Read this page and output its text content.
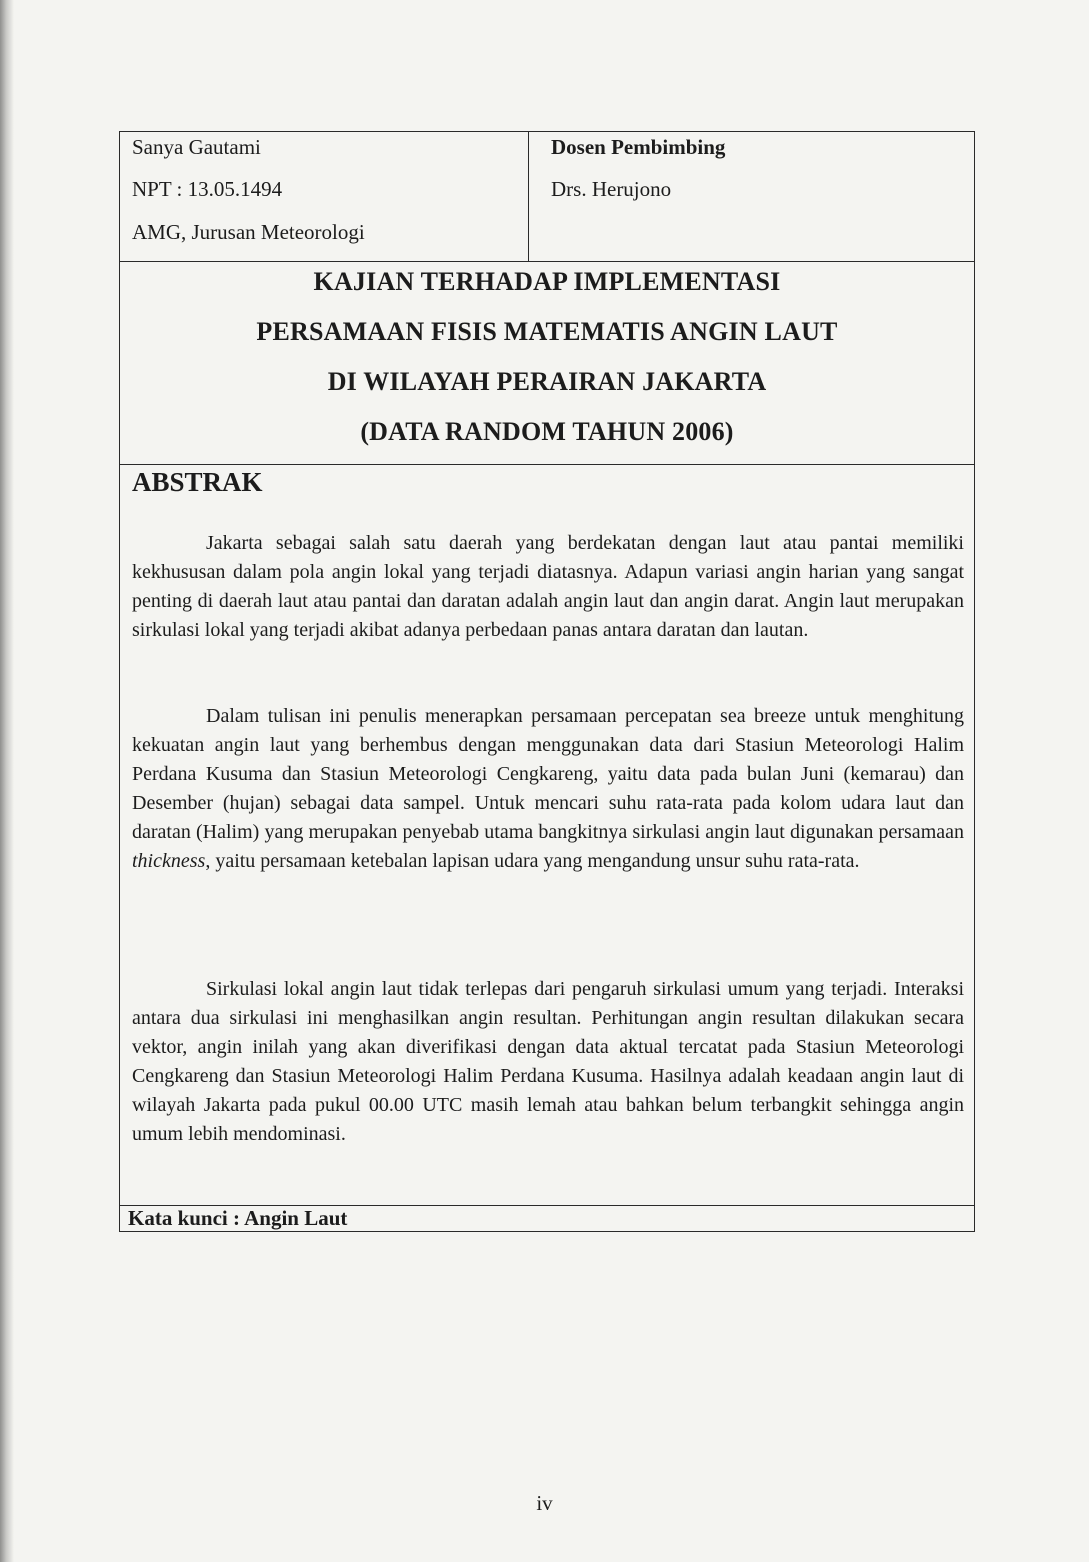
Sanya Gautami
NPT : 13.05.1494
AMG, Jurusan Meteorologi
Dosen Pembimbing
Drs. Herujono
KAJIAN TERHADAP IMPLEMENTASI
PERSAMAAN FISIS MATEMATIS ANGIN LAUT
DI WILAYAH PERAIRAN JAKARTA
(DATA RANDOM TAHUN 2006)
ABSTRAK

Jakarta sebagai salah satu daerah yang berdekatan dengan laut atau pantai memiliki kekhususan dalam pola angin lokal yang terjadi diatasnya. Adapun variasi angin harian yang sangat penting di daerah laut atau pantai dan daratan adalah angin laut dan angin darat. Angin laut merupakan sirkulasi lokal yang terjadi akibat adanya perbedaan panas antara daratan dan lautan.

Dalam tulisan ini penulis menerapkan persamaan percepatan sea breeze untuk menghitung kekuatan angin laut yang berhembus dengan menggunakan data dari Stasiun Meteorologi Halim Perdana Kusuma dan Stasiun Meteorologi Cengkareng, yaitu data pada bulan Juni (kemarau) dan Desember (hujan) sebagai data sampel. Untuk mencari suhu rata-rata pada kolom udara laut dan daratan (Halim) yang merupakan penyebab utama bangkitnya sirkulasi angin laut digunakan persamaan thickness, yaitu persamaan ketebalan lapisan udara yang mengandung unsur suhu rata-rata.

Sirkulasi lokal angin laut tidak terlepas dari pengaruh sirkulasi umum yang terjadi. Interaksi antara dua sirkulasi ini menghasilkan angin resultan. Perhitungan angin resultan dilakukan secara vektor, angin inilah yang akan diverifikasi dengan data aktual tercatat pada Stasiun Meteorologi Cengkareng dan Stasiun Meteorologi Halim Perdana Kusuma. Hasilnya adalah keadaan angin laut di wilayah Jakarta pada pukul 00.00 UTC masih lemah atau bahkan belum terbangkit sehingga angin umum lebih mendominasi.

Kata kunci : Angin Laut
iv
